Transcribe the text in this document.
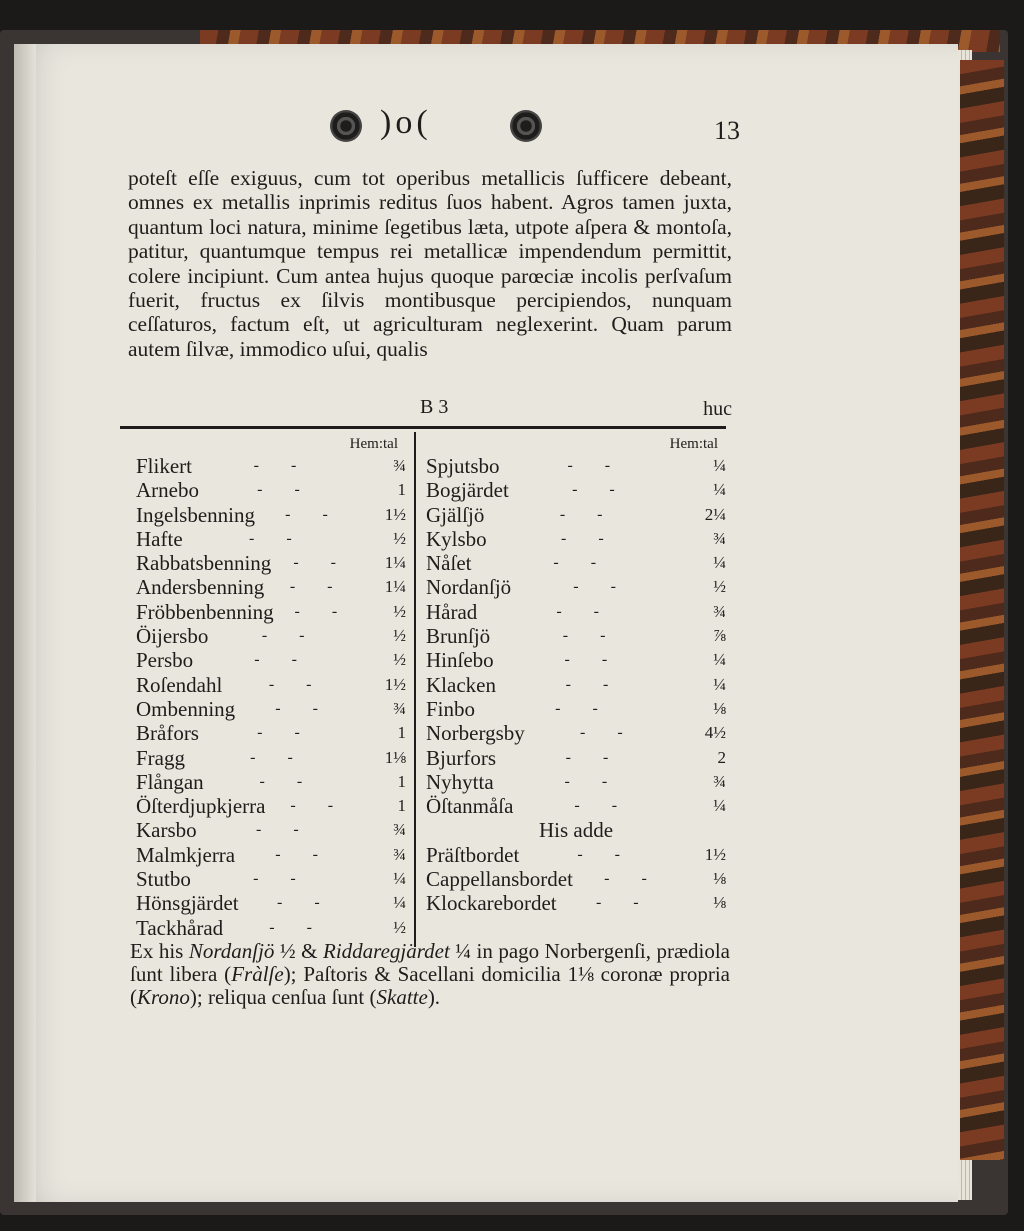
)o(	13

poteſt eſſe exiguus, cum tot operibus metallicis ſufficere debeant, omnes ex metallis inprimis reditus ſuos habent. Agros tamen juxta, quantum loci natura, minime ſegetibus læta, utpote aſpera & montoſa, patitur, quantumque tempus rei metallicæ impendendum permittit, colere incipiunt. Cum antea hujus quoque parœciæ incolis perſvaſum fuerit, fructus ex ſilvis montibusque percipiendos, nunquam ceſſaturos, factum eſt, ut agriculturam neglexerint. Quam parum autem ſilvæ, immodico uſui, qualis

B 3	huc
Hem:tal
Flikert	- -	¾
Arnebo	- -	1
Ingelsbenning	- -	1½
Hafte	- -	½
Rabbatsbenning	- -	1¼
Andersbenning	- -	1¼
Fröbbenbenning	- -	½
Öijersbo	- -	½
Persbo	- -	½
Roſendahl	- -	1½
Ombenning	- -	¾
Bråfors	- -	1
Fragg	- -	1⅛
Flångan	- -	1
Öſterdjupkjerra	- -	1
Karsbo	- -	¾
Malmkjerra	- -	¾
Stutbo	- -	¼
Hönsgjärdet	- -	¼
Tackhårad	- -	½
Hem:tal
Spjutsbo	- -	¼
Bogjärdet	- -	¼
Gjälſjö	- -	2¼
Kylsbo	- -	¾
Nåſet	- -	¼
Nordanſjö	- -	½
Hårad	- -	¾
Brunſjö	- -	⅞
Hinſebo	- -	¼
Klacken	- -	¼
Finbo	- -	⅛
Norbergsby	- -	4½
Bjurfors	- -	2
Nyhytta	- -	¾
Öſtanmåſa	- -	¼
His adde
Präſtbordet	- -	1½
Cappellansbordet	- -	⅛
Klockarebordet	- -	⅛

Ex his Nordanſjö ½ & Riddaregjärdet ¼ in pago Norbergenſi, prædiola ſunt libera (Fràlſe); Paſtoris & Sacellani domicilia 1⅛ coronæ propria (Krono); reliqua cenſua ſunt (Skatte).
